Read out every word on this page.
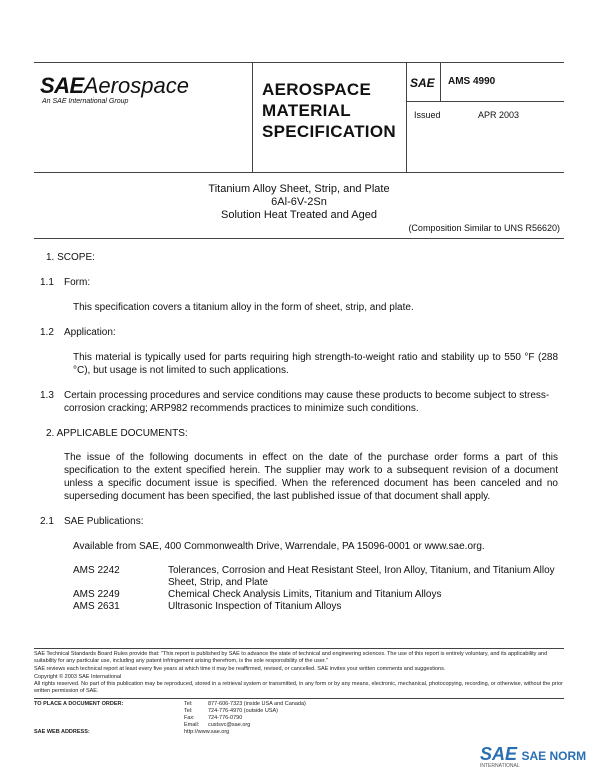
SAEAerospace
An SAE International Group
AEROSPACE
MATERIAL
SPECIFICATION
SAE AMS 4990
Issued	APR 2003
Titanium Alloy Sheet, Strip, and Plate
6Al-6V-2Sn
Solution Heat Treated and Aged
(Composition Similar to UNS R56620)
1. SCOPE:
1.1 Form:
This specification covers a titanium alloy in the form of sheet, strip, and plate.
1.2 Application:
This material is typically used for parts requiring high strength-to-weight ratio and stability up to 550 °F (288 °C), but usage is not limited to such applications.
1.3 Certain processing procedures and service conditions may cause these products to become subject to stress-corrosion cracking; ARP982 recommends practices to minimize such conditions.
2. APPLICABLE DOCUMENTS:
The issue of the following documents in effect on the date of the purchase order forms a part of this specification to the extent specified herein. The supplier may work to a subsequent revision of a document unless a specific document issue is specified. When the referenced document has been canceled and no superseding document has been specified, the last published issue of that document shall apply.
2.1 SAE Publications:
Available from SAE, 400 Commonwealth Drive, Warrendale, PA 15096-0001 or www.sae.org.
AMS 2242	Tolerances, Corrosion and Heat Resistant Steel, Iron Alloy, Titanium, and Titanium Alloy Sheet, Strip, and Plate
AMS 2249	Chemical Check Analysis Limits, Titanium and Titanium Alloys
AMS 2631	Ultrasonic Inspection of Titanium Alloys
SAE Technical Standards Board Rules provide that: "This report is published by SAE to advance the state of technical and engineering sciences. The use of this report is entirely voluntary, and its applicability and suitability for any particular use, including any patent infringement arising therefrom, is the sole responsibility of the user."
SAE reviews each technical report at least every five years at which time it may be reaffirmed, revised, or cancelled. SAE invites your written comments and suggestions.
Copyright © 2003 SAE International
All rights reserved. No part of this publication may be reproduced, stored in a retrieval system or transmitted, in any form or by any means, electronic, mechanical, photocopying, recording, or otherwise, without the prior written permission of SAE.
TO PLACE A DOCUMENT ORDER:	Tel:	877-606-7323 (inside USA and Canada)
Tel:	724-776-4970 (outside USA)
Fax: 724-776-0790
Email: custsvc@sae.org
SAE WEB ADDRESS:	http://www.sae.org
SAE SAE NORM
INTERNATIONAL
